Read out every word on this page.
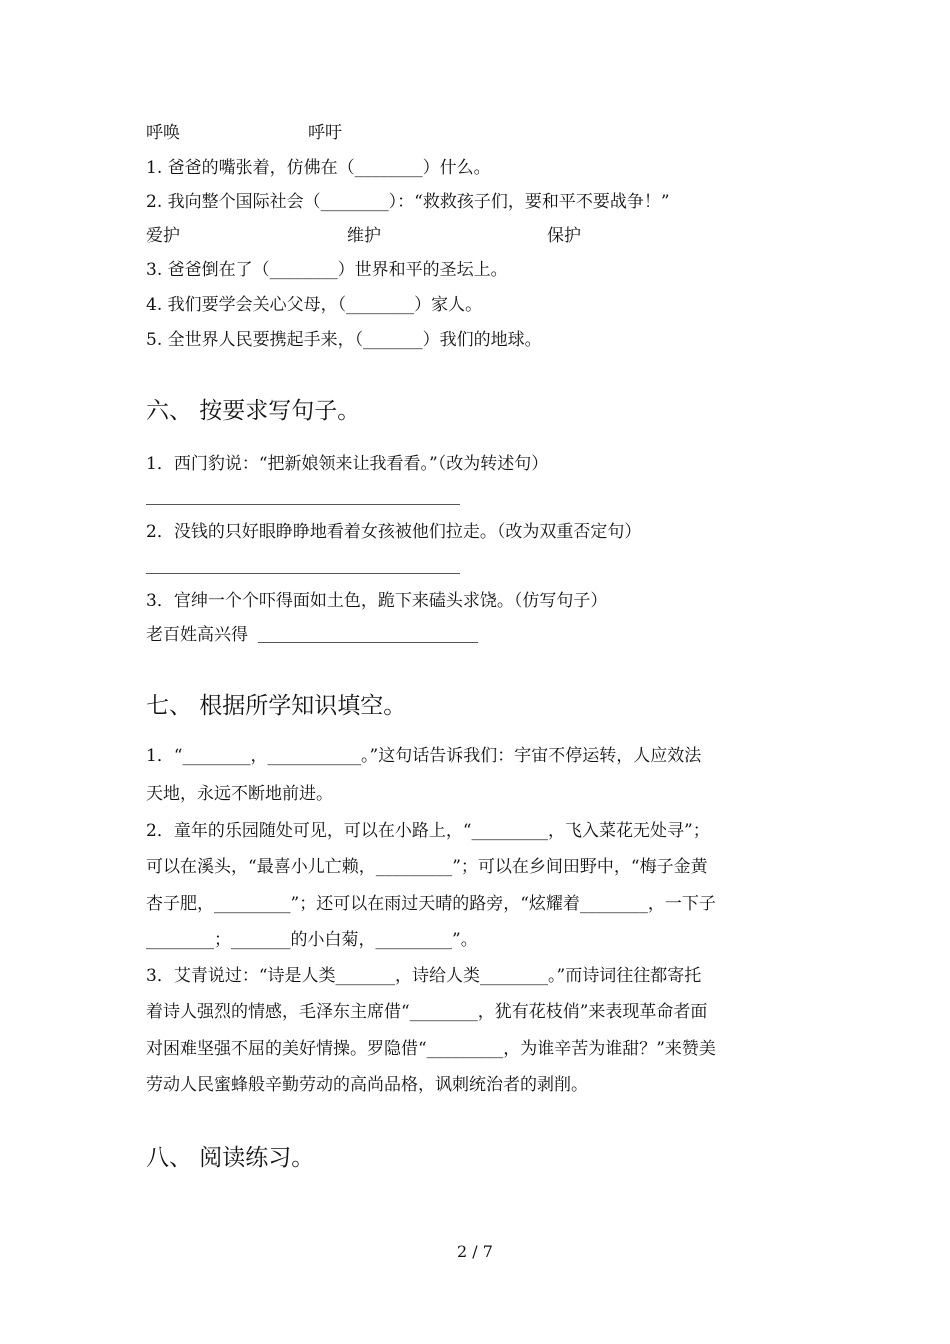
呼唤	呼吁
1. 爸爸的嘴张着，仿佛在（________）什么。
2. 我向整个国际社会（________）：“救救孩子们，要和平不要战争！”
爱护	维护	保护
3. 爸爸倒在了（________）世界和平的圣坛上。
4. 我们要学会关心父母，（________）家人。
5. 全世界人民要携起手来，（_______）我们的地球。
六、 按要求写句子。
1．西门豹说：“把新娘领来让我看看。”（改为转述句）
2．没钱的只好眼睁睁地看着女孩被他们拉走。（改为双重否定句）
3．官绅一个个吓得面如土色，跪下来磕头求饶。（仿写句子）
老百姓高兴得
七、 根据所学知识填空。
1．“________，___________。”这句话告诉我们：宇宙不停运转，人应效法
天地，永远不断地前进。
2．童年的乐园随处可见，可以在小路上，“_________，飞入菜花无处寻”；
可以在溪头，“最喜小儿亡赖，_________”；可以在乡间田野中，“梅子金黄
杏子肥，_________”；还可以在雨过天晴的路旁，“炫耀着________，一下子
________；_______的小白菊，_________”。
3．艾青说过：“诗是人类_______，诗给人类________。”而诗词往往都寄托
着诗人强烈的情感，毛泽东主席借“________，犹有花枝俏”来表现革命者面
对困难坚强不屈的美好情操。罗隐借“_________，为谁辛苦为谁甜？”来赞美
劳动人民蜜蜂般辛勤劳动的高尚品格，讽刺统治者的剥削。
八、 阅读练习。
2 / 7
